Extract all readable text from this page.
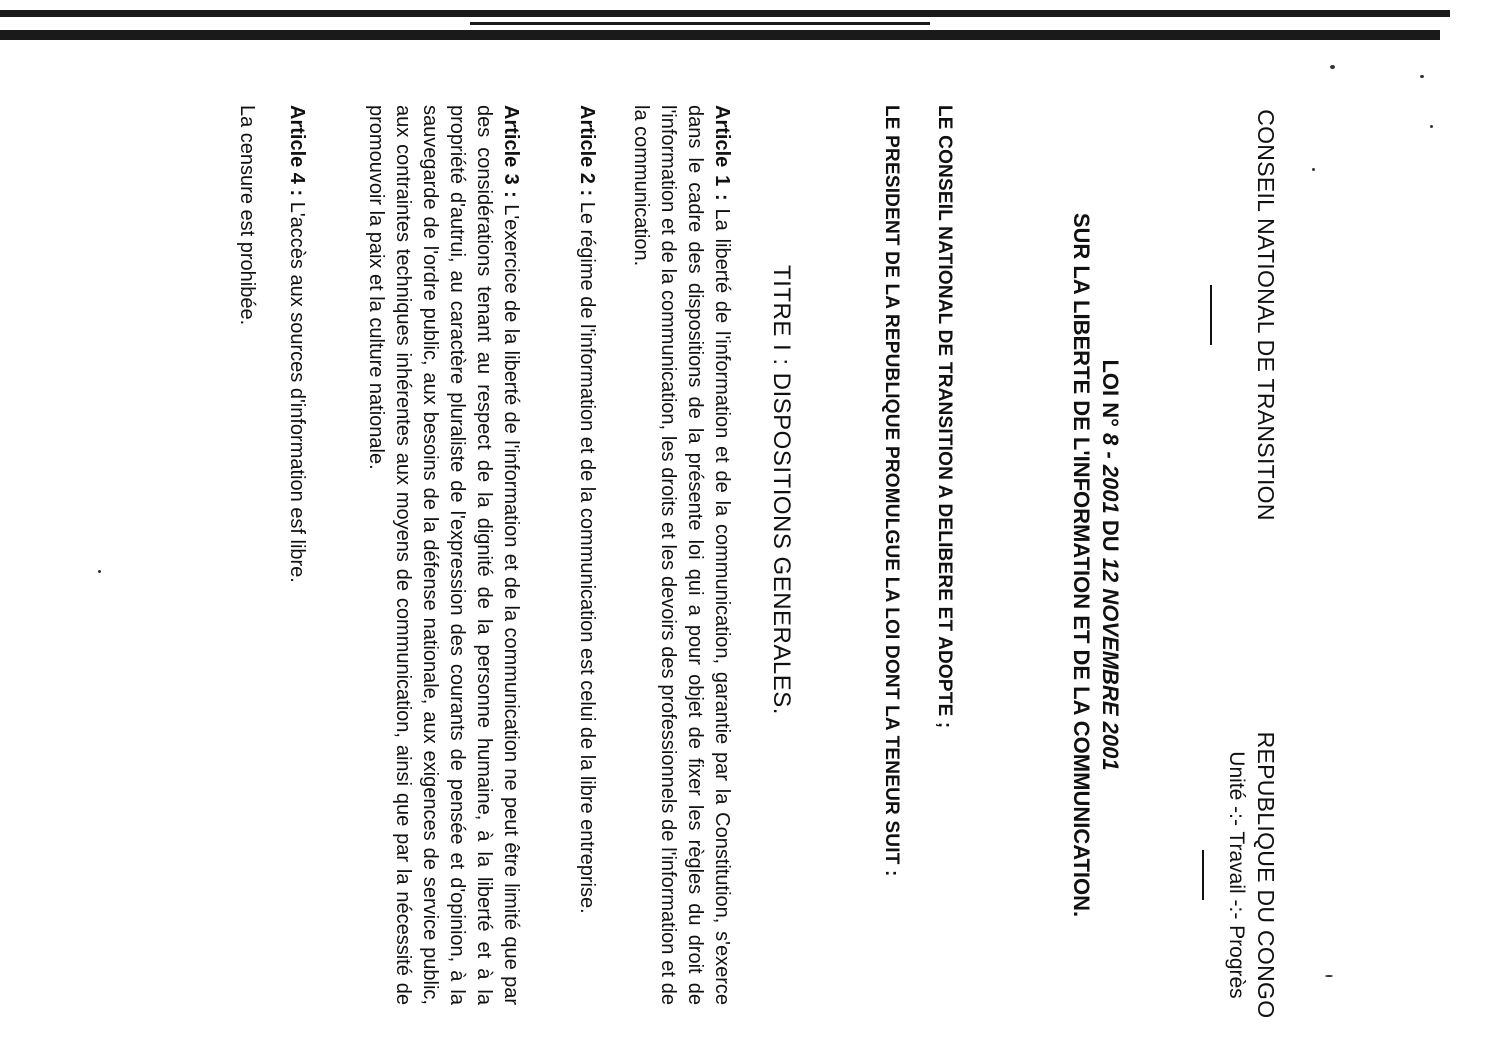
CONSEIL NATIONAL DE TRANSITION
REPUBLIQUE DU CONGO
Unité -:- Travail -:- Progrès
LOI N° 8 - 2001 DU 12 NOVEMBRE 2001
SUR LA LIBERTE DE L'INFORMATION ET DE LA COMMUNICATION.
LE CONSEIL NATIONAL DE TRANSITION A DELIBERE ET ADOPTE ;
LE PRESIDENT DE LA REPUBLIQUE PROMULGUE LA LOI DONT LA TENEUR SUIT :
TITRE I : DISPOSITIONS GENERALES.
Article 1 : La liberté de l'information et de la communication, garantie par la Constitution, s'exerce dans le cadre des dispositions de la présente loi qui a pour objet de fixer les règles du droit de l'information et de la communication, les droits et les devoirs des professionnels de l'information et de la communication.
Article 2 : Le régime de l'information et de la communication est celui de la libre entreprise.
Article 3 : L'exercice de la liberté de l'information et de la communication ne peut être limité que par des considérations tenant au respect de la dignité de la personne humaine, à la liberté et à la propriété d'autrui, au caractère pluraliste de l'expression des courants de pensée et d'opinion, à la sauvegarde de l'ordre public, aux besoins de la défense nationale, aux exigences de service public, aux contraintes techniques inhérentes aux moyens de communication, ainsi que par la nécessité de promouvoir la paix et la culture nationale.
Article 4 : L'accès aux sources d'information esf libre.
La censure est prohibée.
